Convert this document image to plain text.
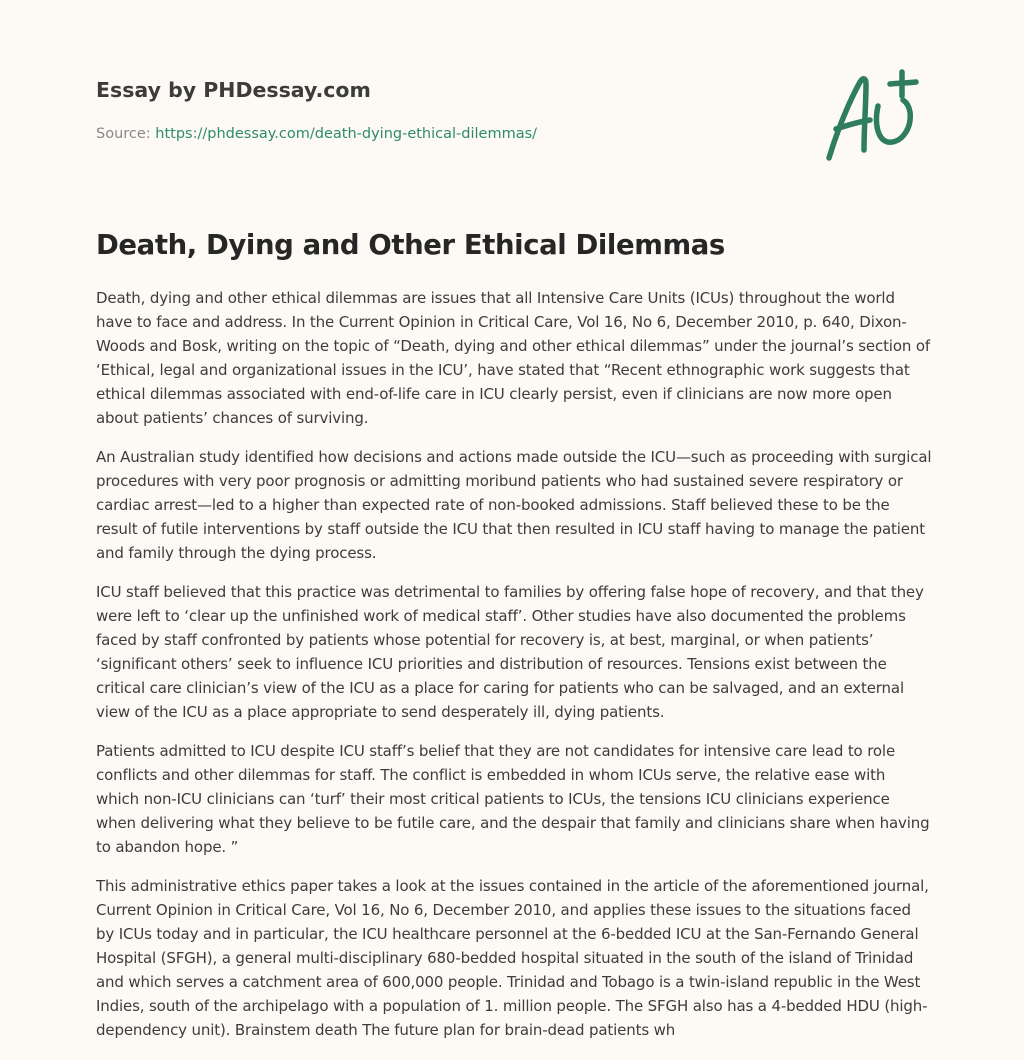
Essay by PHDessay.com
Source: https://phdessay.com/death-dying-ethical-dilemmas/
Death, Dying and Other Ethical Dilemmas

Death, dying and other ethical dilemmas are issues that all Intensive Care Units (ICUs) throughout the world have to face and address. In the Current Opinion in Critical Care, Vol 16, No 6, December 2010, p. 640, Dixon-Woods and Bosk, writing on the topic of “Death, dying and other ethical dilemmas” under the journal’s section of ‘Ethical, legal and organizational issues in the ICU’, have stated that “Recent ethnographic work suggests that ethical dilemmas associated with end-of-life care in ICU clearly persist, even if clinicians are now more open about patients’ chances of surviving.

An Australian study identified how decisions and actions made outside the ICU—such as proceeding with surgical procedures with very poor prognosis or admitting moribund patients who had sustained severe respiratory or cardiac arrest—led to a higher than expected rate of non-booked admissions. Staff believed these to be the result of futile interventions by staff outside the ICU that then resulted in ICU staff having to manage the patient and family through the dying process.

ICU staff believed that this practice was detrimental to families by offering false hope of recovery, and that they were left to ‘clear up the unfinished work of medical staff’. Other studies have also documented the problems faced by staff confronted by patients whose potential for recovery is, at best, marginal, or when patients’ ‘significant others’ seek to influence ICU priorities and distribution of resources. Tensions exist between the critical care clinician’s view of the ICU as a place for caring for patients who can be salvaged, and an external view of the ICU as a place appropriate to send desperately ill, dying patients.

Patients admitted to ICU despite ICU staff’s belief that they are not candidates for intensive care lead to role conflicts and other dilemmas for staff. The conflict is embedded in whom ICUs serve, the relative ease with which non-ICU clinicians can ‘turf’ their most critical patients to ICUs, the tensions ICU clinicians experience when delivering what they believe to be futile care, and the despair that family and clinicians share when having to abandon hope. ”

This administrative ethics paper takes a look at the issues contained in the article of the aforementioned journal, Current Opinion in Critical Care, Vol 16, No 6, December 2010, and applies these issues to the situations faced by ICUs today and in particular, the ICU healthcare personnel at the 6-bedded ICU at the San-Fernando General Hospital (SFGH), a general multi-disciplinary 680-bedded hospital situated in the south of the island of Trinidad and which serves a catchment area of 600,000 people. Trinidad and Tobago is a twin-island republic in the West Indies, south of the archipelago with a population of 1. million people. The SFGH also has a 4-bedded HDU (high-dependency unit). Brainstem death The future plan for brain-dead patients wh
